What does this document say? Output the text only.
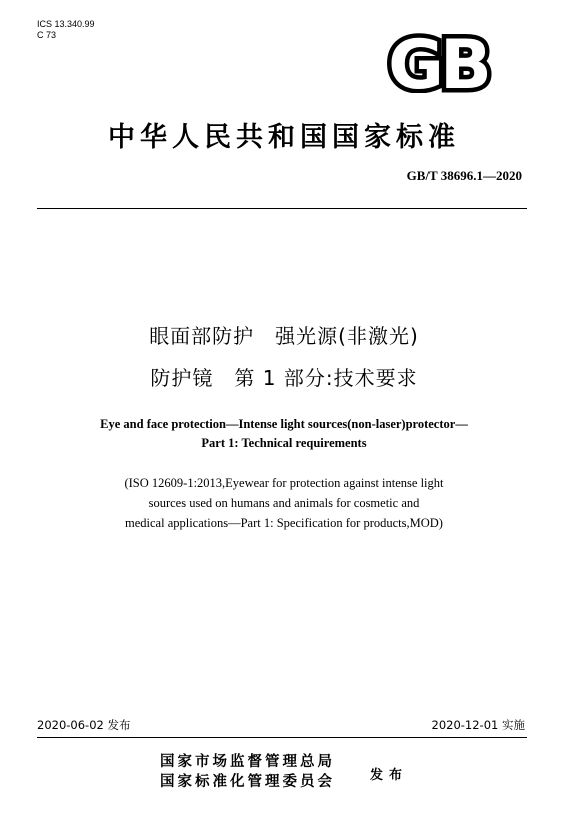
ICS 13.340.99
C 73	GB
中华人民共和国国家标准
GB/T 38696.1—2020
眼面部防护　强光源(非激光)
防护镜　第 1 部分:技术要求
Eye and face protection—Intense light sources(non-laser)protector—
Part 1: Technical requirements
(ISO 12609-1:2013,Eyewear for protection against intense light
sources used on humans and animals for cosmetic and
medical applications—Part 1: Specification for products,MOD)
2020-06-02 发布	2020-12-01 实施
国家市场监督管理总局
国家标准化管理委员会	发布
